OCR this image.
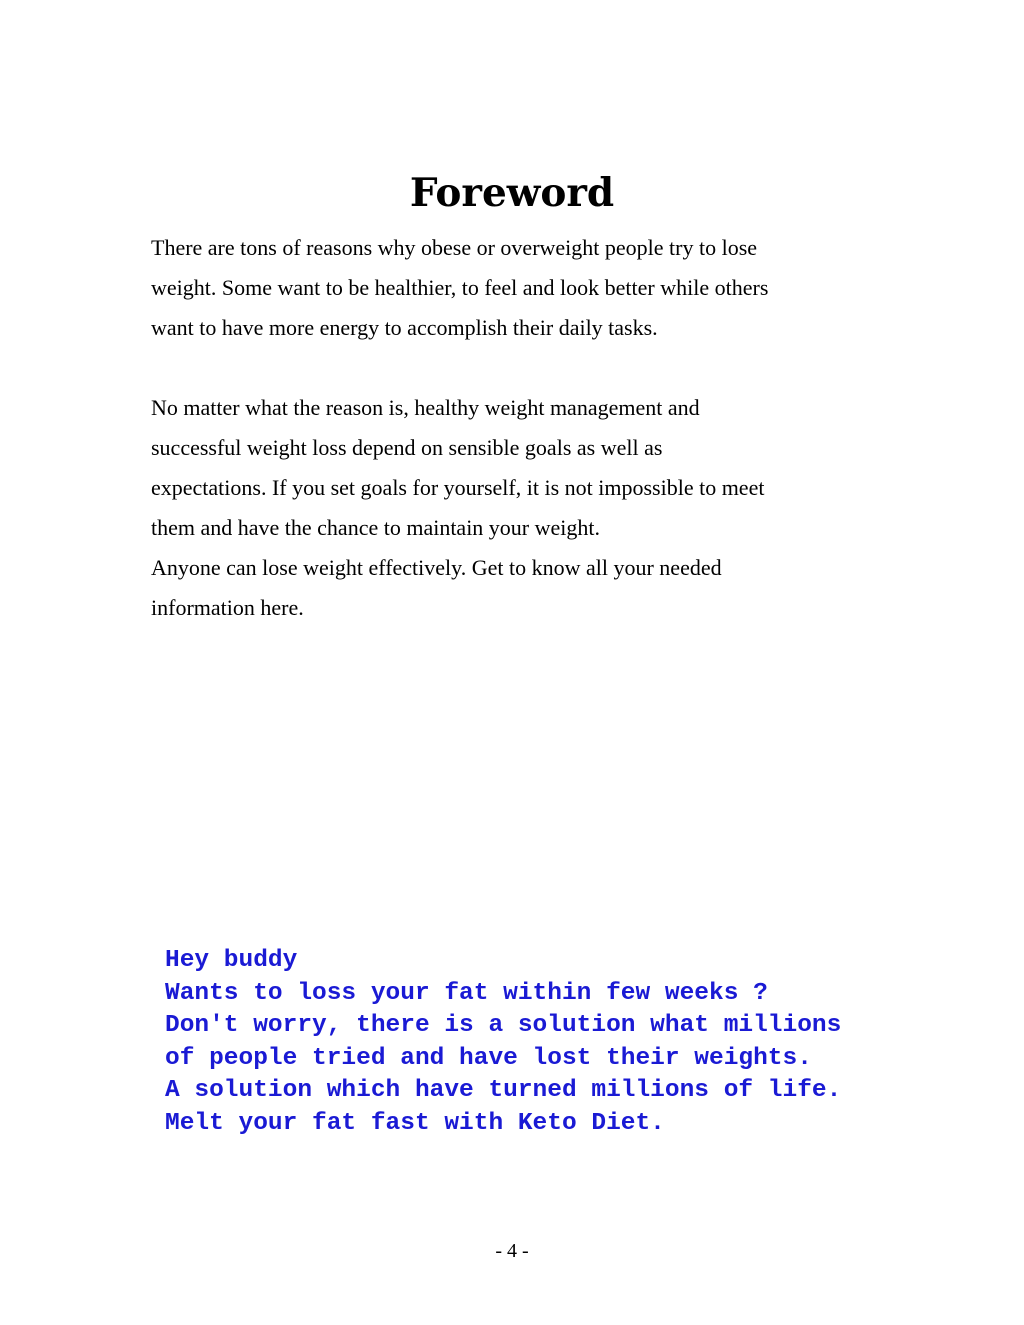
Foreword
There are tons of reasons why obese or overweight people try to lose
weight. Some want to be healthier, to feel and look better while others
want to have more energy to accomplish their daily tasks.
No matter what the reason is, healthy weight management and
successful weight loss depend on sensible goals as well as
expectations. If you set goals for yourself, it is not impossible to meet
them and have the chance to maintain your weight.
Anyone can lose weight effectively. Get to know all your needed
information here.
Hey buddy
Wants to loss your fat within few weeks ?
Don't worry, there is a solution what millions
of people tried and have lost their weights.
A solution which have turned millions of life.
Melt your fat fast with Keto Diet.
- 4 -
